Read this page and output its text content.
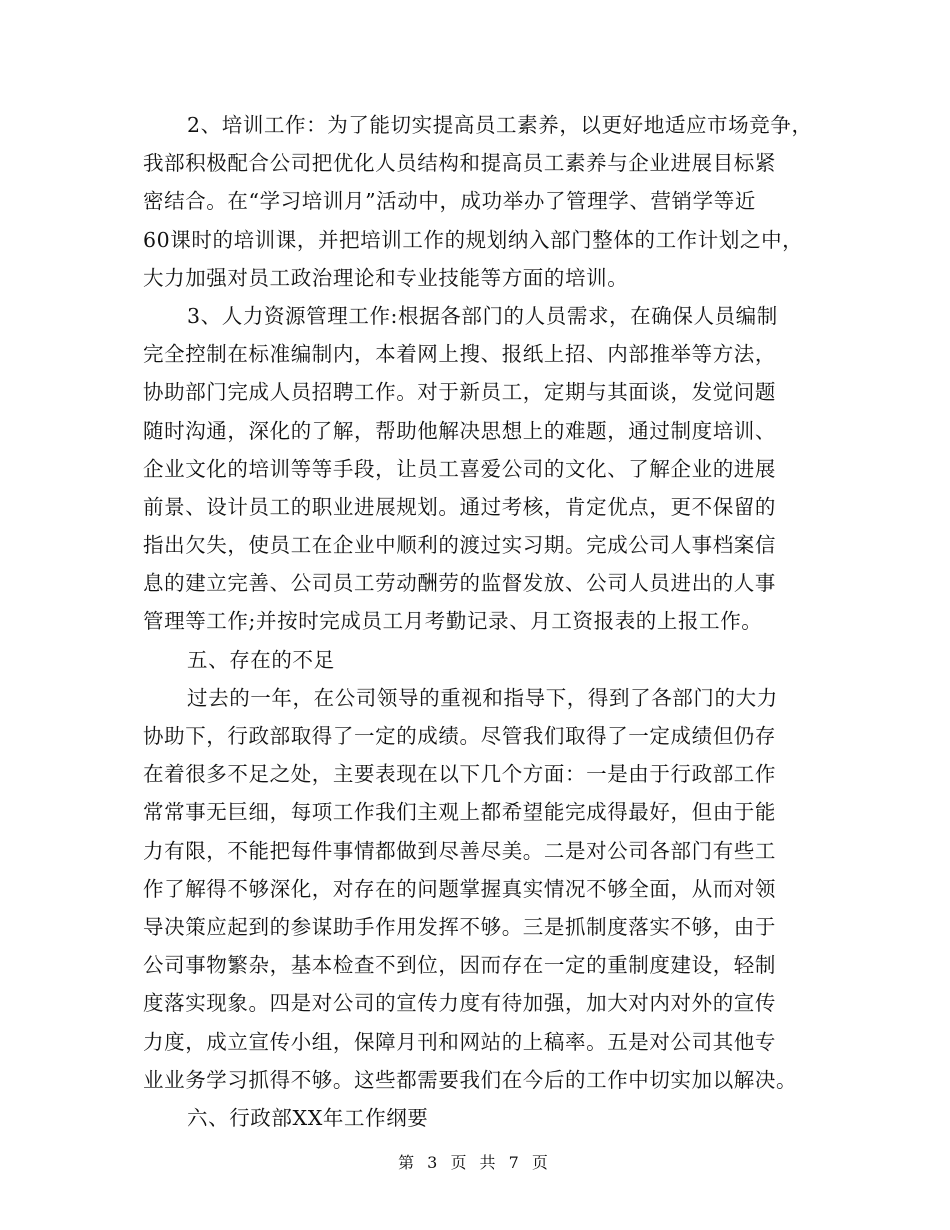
2、培训工作：为了能切实提高员工素养，以更好地适应市场竞争，
我部积极配合公司把优化人员结构和提高员工素养与企业进展目标紧
密结合。在“学习培训月”活动中，成功举办了管理学、营销学等近
60课时的培训课，并把培训工作的规划纳入部门整体的工作计划之中，
大力加强对员工政治理论和专业技能等方面的培训。
3、人力资源管理工作:根据各部门的人员需求，在确保人员编制
完全控制在标准编制内，本着网上搜、报纸上招、内部推举等方法，
协助部门完成人员招聘工作。对于新员工，定期与其面谈，发觉问题
随时沟通，深化的了解，帮助他解决思想上的难题，通过制度培训、
企业文化的培训等等手段，让员工喜爱公司的文化、了解企业的进展
前景、设计员工的职业进展规划。通过考核，肯定优点，更不保留的
指出欠失，使员工在企业中顺利的渡过实习期。完成公司人事档案信
息的建立完善、公司员工劳动酬劳的监督发放、公司人员进出的人事
管理等工作;并按时完成员工月考勤记录、月工资报表的上报工作。
五、存在的不足
过去的一年，在公司领导的重视和指导下，得到了各部门的大力
协助下，行政部取得了一定的成绩。尽管我们取得了一定成绩但仍存
在着很多不足之处，主要表现在以下几个方面：一是由于行政部工作
常常事无巨细，每项工作我们主观上都希望能完成得最好，但由于能
力有限，不能把每件事情都做到尽善尽美。二是对公司各部门有些工
作了解得不够深化，对存在的问题掌握真实情况不够全面，从而对领
导决策应起到的参谋助手作用发挥不够。三是抓制度落实不够，由于
公司事物繁杂，基本检查不到位，因而存在一定的重制度建设，轻制
度落实现象。四是对公司的宣传力度有待加强，加大对内对外的宣传
力度，成立宣传小组，保障月刊和网站的上稿率。五是对公司其他专
业业务学习抓得不够。这些都需要我们在今后的工作中切实加以解决。
六、行政部XX年工作纲要
第 3 页 共 7 页
